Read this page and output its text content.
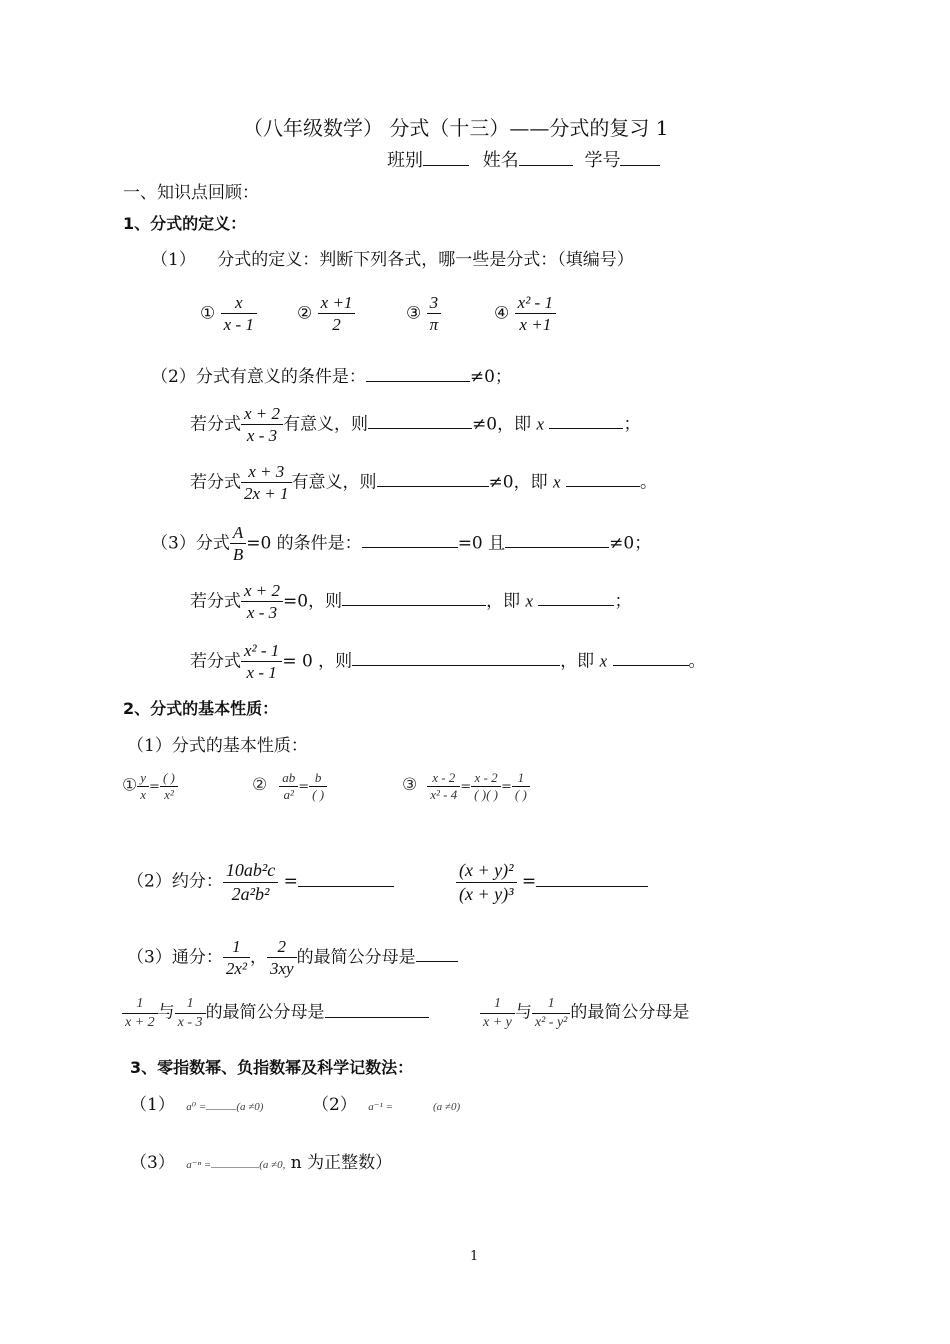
（八年级数学） 分式（十三）——分式的复习 1
班别	姓名	学号
一、知识点回顾：
1、分式的定义：
（1） 分式的定义：判断下列各式，哪一些是分式：（填编号）
① $\frac{x}{x - 1}$ ② $\frac{x +1}{2}$	③ $\frac{3}{\pi}$	④ $\frac{\text{x² - 1}}{x +1}$
（2）分式有意义的条件是：	≠0；
若分式 $\frac{x + 2}{x - 3}$ 有意义，则	≠0，即 x	；
若分式 $\frac{x + 3}{2x + 1}$ 有意义，则	≠0，即 x	。
（3）分式 $\frac{A}{B} =0$ 的条件是：	=0 且	≠0；
若分式 $\frac{x + 2}{x - 3} =0$，则	，即 x	；
若分式 $\frac{\text{x² - 1}}{x - 1} = 0$ ，则	，即 x	。
2、分式的基本性质：
（1）分式的基本性质：
① $\frac{y}{x}$ =
( )
x²	② $\frac{ab}{\text{a²}}$ =
b
( )	③ $\frac{x - 2}{\text{x² - 4}}$ =
x - 2
( )( )
=
1
( )
（2）约分： $\frac{\text{10ab²c}}{\text{2a²b²}}$ =	$\frac{\text{(x + y)²}}{\text{(x + y)³}}$ =
（3）通分： $\frac{1}{\text{2x²}}$ ， $\frac{2}{3xy}$ 的最简公分母是
$\frac{1}{x + 2}$ 与 $\frac{1}{x - 3}$ 的最简公分母是	$\frac{1}{x + y}$ 与 $\frac{1}{\text{x² - y²}}$ 的最简公分母是
3、零指数幂、负指数幂及科学记数法：
（1） a⁰ =	(a ≠0)	（2） a⁻¹ =	(a ≠0)
（3） a⁻ⁿ =	(a ≠0, n 为正整数）
1
